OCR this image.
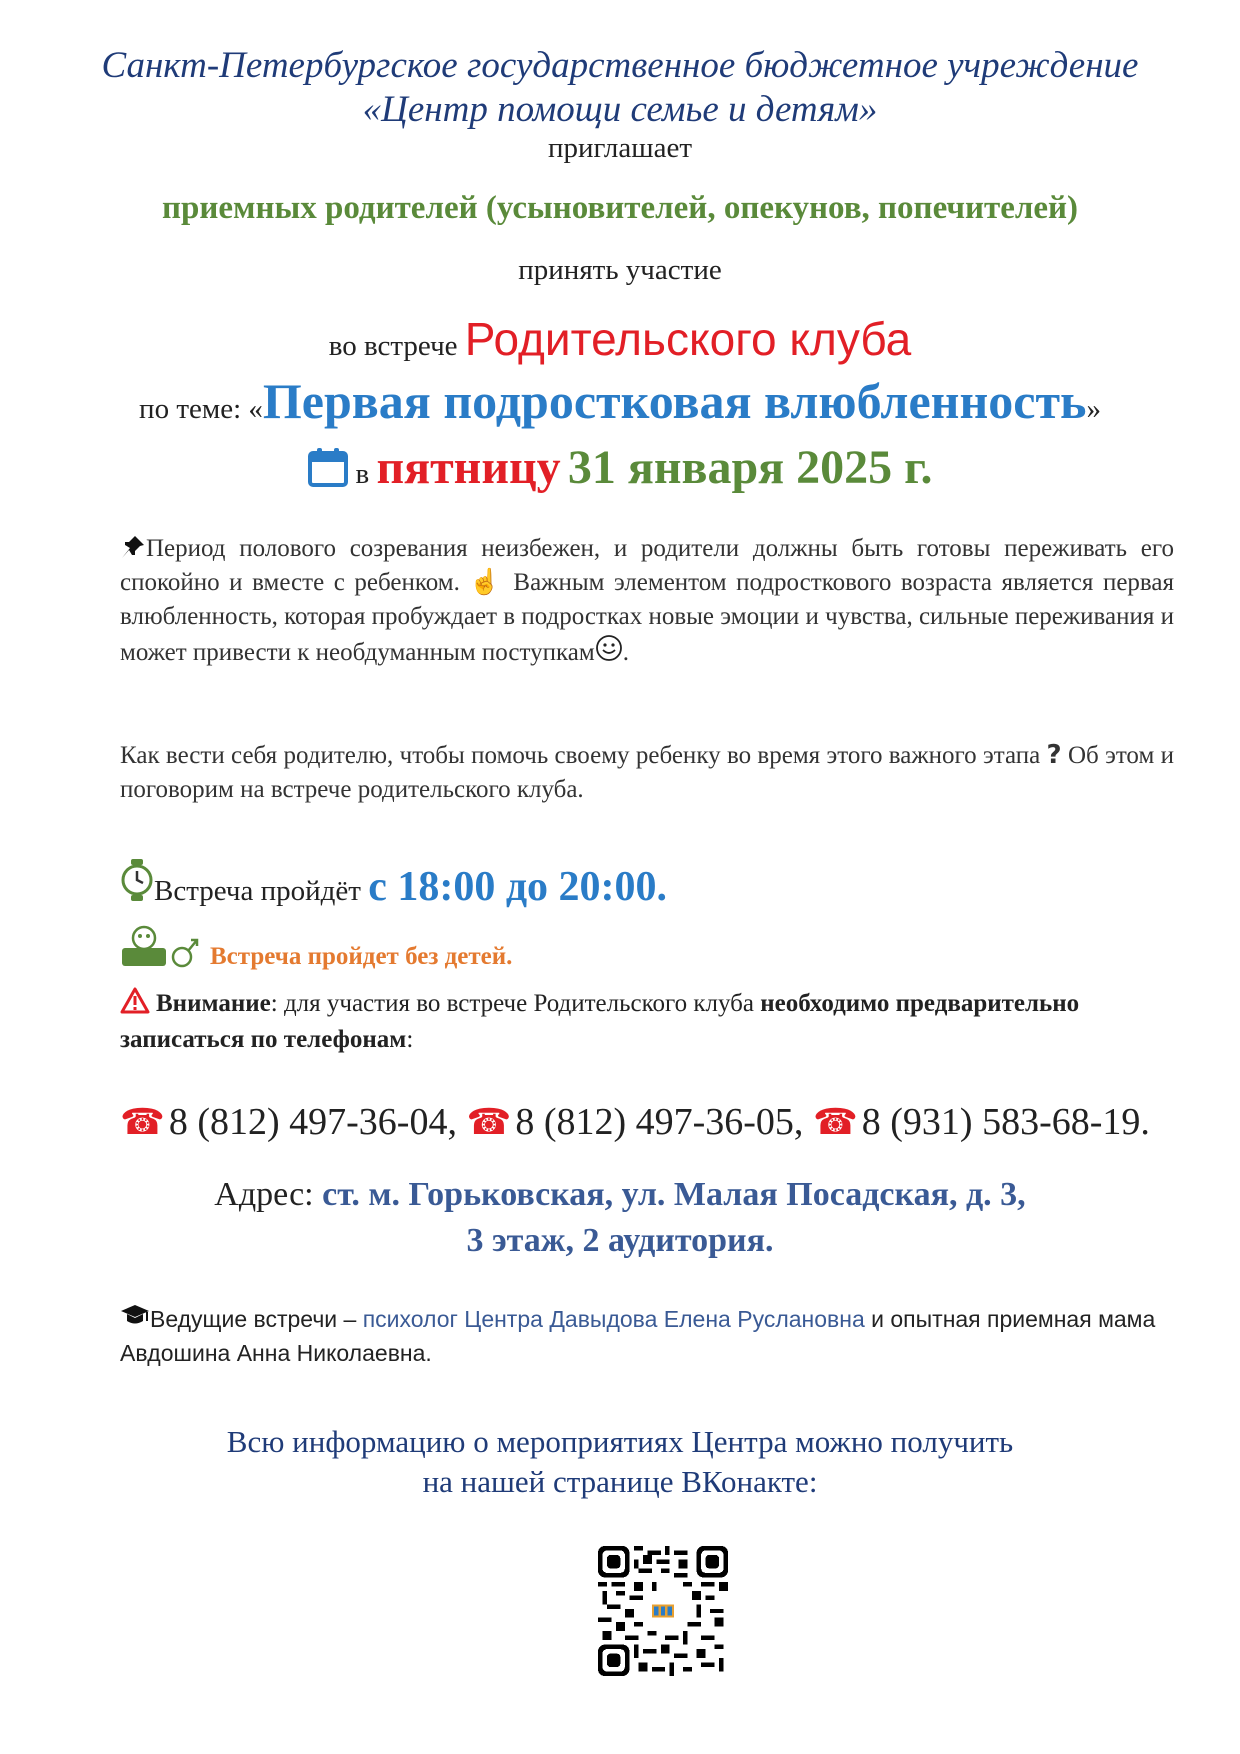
Санкт-Петербургское государственное бюджетное учреждение
«Центр помощи семье и детям»
приглашает
приемных родителей (усыновителей, опекунов, попечителей)
принять участие
во встрече Родительского клуба
по теме: «Первая подростковая влюбленность»
в пятницу 31 января 2025 г.
Период полового созревания неизбежен, и родители должны быть готовы переживать его спокойно и вместе с ребенком. ☝ Важным элементом подросткового возраста является первая влюбленность, которая пробуждает в подростках новые эмоции и чувства, сильные переживания и может привести к необдуманным поступкам .
Как вести себя родителю, чтобы помочь своему ребенку во время этого важного этапа ? Об этом и поговорим на встрече родительского клуба.
Встреча пройдёт с 18:00 до 20:00.
Встреча пройдет без детей.
Внимание: для участия во встрече Родительского клуба необходимо предварительно записаться по телефонам:
☎ 8 (812) 497-36-04, ☎ 8 (812) 497-36-05, ☎ 8 (931) 583-68-19.
Адрес: ст. м. Горьковская, ул. Малая Посадская, д. 3,
3 этаж, 2 аудитория.
Ведущие встречи – психолог Центра Давыдова Елена Руслановна и опытная приемная мама Авдошина Анна Николаевна.
Всю информацию о мероприятиях Центра можно получить
на нашей странице ВКонакте:
